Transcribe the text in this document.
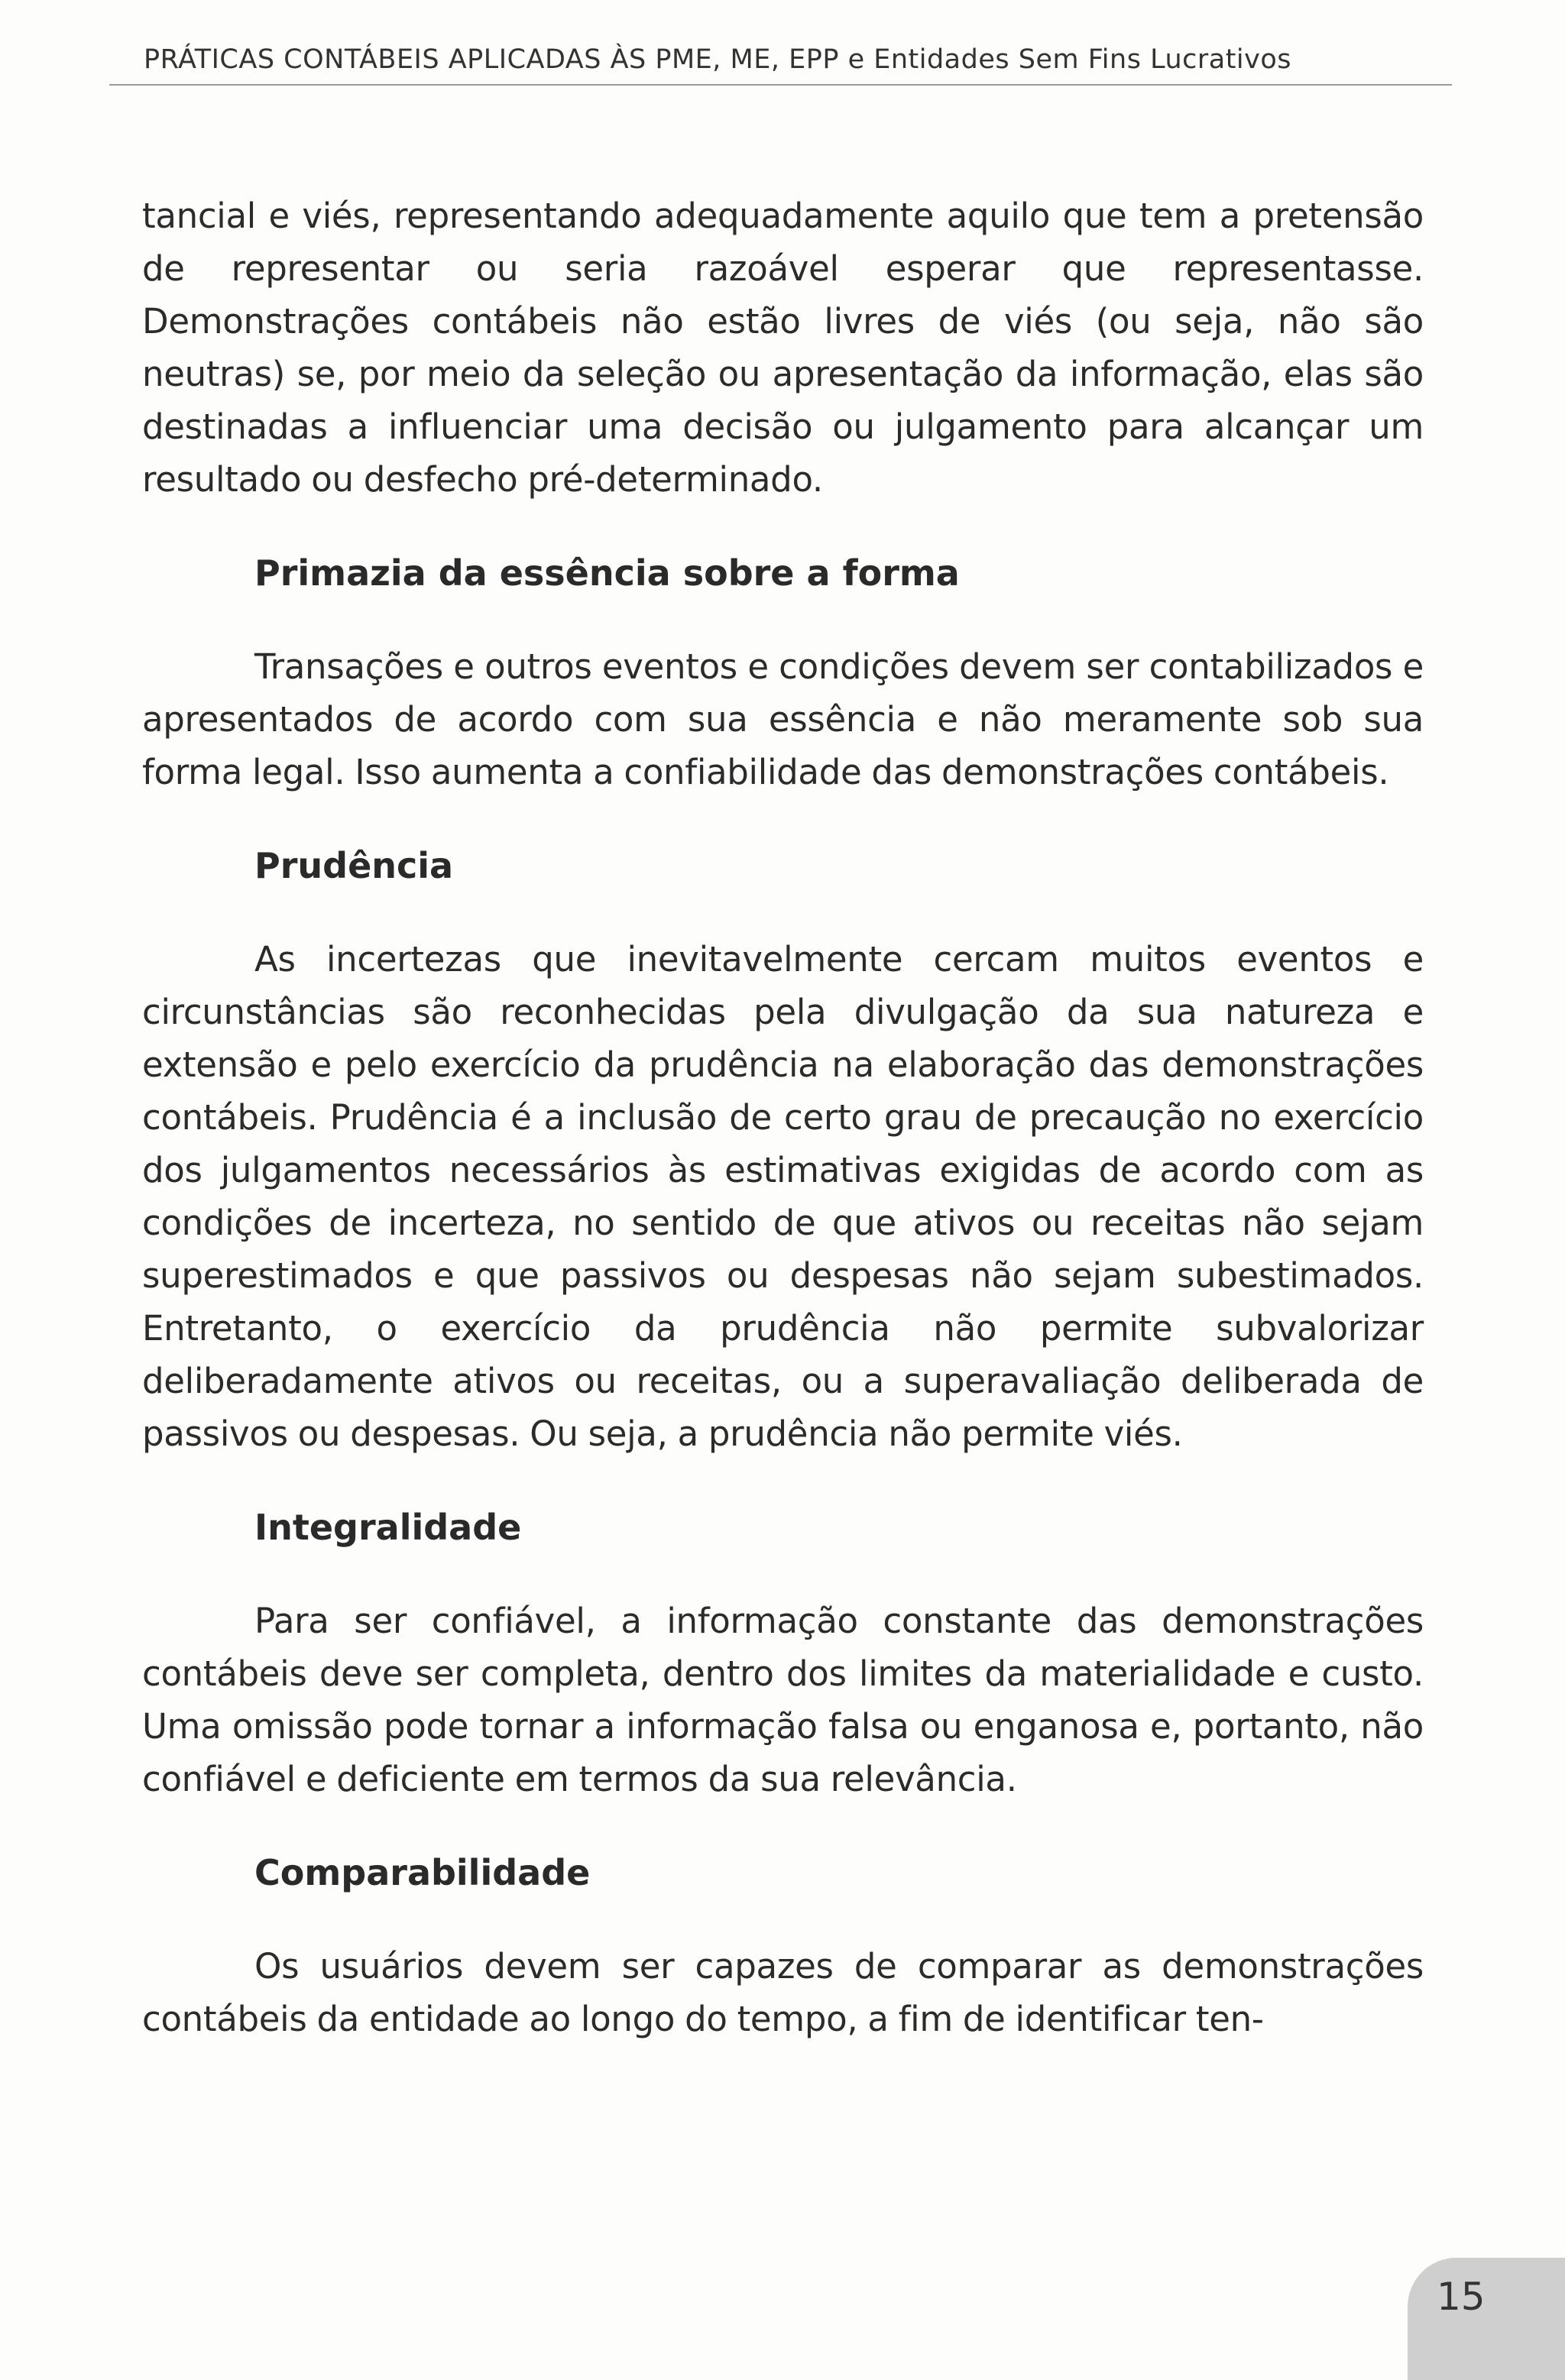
PRÁTICAS CONTÁBEIS APLICADAS ÀS PME, ME, EPP e Entidades Sem Fins Lucrativos

tancial e viés, representando adequadamente aquilo que tem a pretensão de representar ou seria razoável esperar que representasse. Demonstrações contábeis não estão livres de viés (ou seja, não são neutras) se, por meio da seleção ou apresentação da informação, elas são destinadas a influenciar uma decisão ou julgamento para alcançar um resultado ou desfecho pré-determinado.

Primazia da essência sobre a forma

Transações e outros eventos e condições devem ser contabilizados e apresentados de acordo com sua essência e não meramente sob sua forma legal. Isso aumenta a confiabilidade das demonstrações contábeis.

Prudência

As incertezas que inevitavelmente cercam muitos eventos e circunstâncias são reconhecidas pela divulgação da sua natureza e extensão e pelo exercício da prudência na elaboração das demonstrações contábeis. Prudência é a inclusão de certo grau de precaução no exercício dos julgamentos necessários às estimativas exigidas de acordo com as condições de incerteza, no sentido de que ativos ou receitas não sejam superestimados e que passivos ou despesas não sejam subestimados. Entretanto, o exercício da prudência não permite subvalorizar deliberadamente ativos ou receitas, ou a superavaliação deliberada de passivos ou despesas. Ou seja, a prudência não permite viés.

Integralidade

Para ser confiável, a informação constante das demonstrações contábeis deve ser completa, dentro dos limites da materialidade e custo. Uma omissão pode tornar a informação falsa ou enganosa e, portanto, não confiável e deficiente em termos da sua relevância.

Comparabilidade

Os usuários devem ser capazes de comparar as demonstrações contábeis da entidade ao longo do tempo, a fim de identificar ten-

15
